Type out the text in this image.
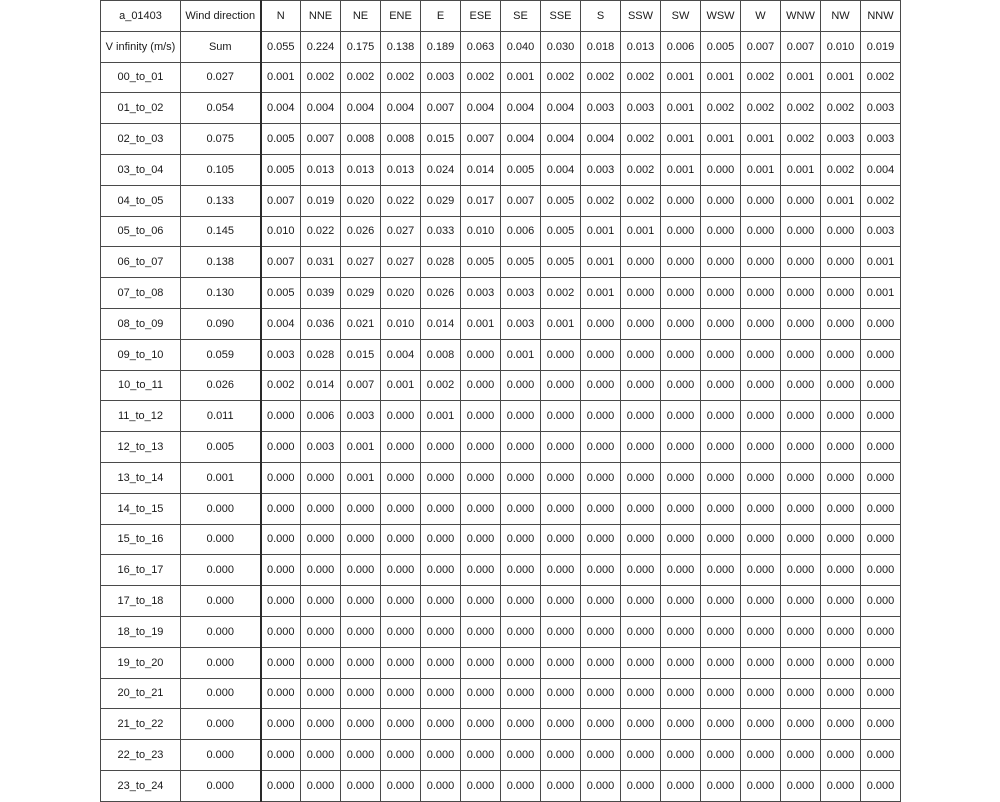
a_01403	Wind direction	N	NNE	NE	ENE	E	ESE	SE	SSE	S	SSW	SW	WSW	W	WNW	NW	NNW
V infinity (m/s)	Sum	0.055	0.224	0.175	0.138	0.189	0.063	0.040	0.030	0.018	0.013	0.006	0.005	0.007	0.007	0.010	0.019
00_to_01	0.027	0.001	0.002	0.002	0.002	0.003	0.002	0.001	0.002	0.002	0.002	0.001	0.001	0.002	0.001	0.001	0.002
01_to_02	0.054	0.004	0.004	0.004	0.004	0.007	0.004	0.004	0.004	0.003	0.003	0.001	0.002	0.002	0.002	0.002	0.003
02_to_03	0.075	0.005	0.007	0.008	0.008	0.015	0.007	0.004	0.004	0.004	0.002	0.001	0.001	0.001	0.002	0.003	0.003
03_to_04	0.105	0.005	0.013	0.013	0.013	0.024	0.014	0.005	0.004	0.003	0.002	0.001	0.000	0.001	0.001	0.002	0.004
04_to_05	0.133	0.007	0.019	0.020	0.022	0.029	0.017	0.007	0.005	0.002	0.002	0.000	0.000	0.000	0.000	0.001	0.002
05_to_06	0.145	0.010	0.022	0.026	0.027	0.033	0.010	0.006	0.005	0.001	0.001	0.000	0.000	0.000	0.000	0.000	0.003
06_to_07	0.138	0.007	0.031	0.027	0.027	0.028	0.005	0.005	0.005	0.001	0.000	0.000	0.000	0.000	0.000	0.000	0.001
07_to_08	0.130	0.005	0.039	0.029	0.020	0.026	0.003	0.003	0.002	0.001	0.000	0.000	0.000	0.000	0.000	0.000	0.001
08_to_09	0.090	0.004	0.036	0.021	0.010	0.014	0.001	0.003	0.001	0.000	0.000	0.000	0.000	0.000	0.000	0.000	0.000
09_to_10	0.059	0.003	0.028	0.015	0.004	0.008	0.000	0.001	0.000	0.000	0.000	0.000	0.000	0.000	0.000	0.000	0.000
10_to_11	0.026	0.002	0.014	0.007	0.001	0.002	0.000	0.000	0.000	0.000	0.000	0.000	0.000	0.000	0.000	0.000	0.000
11_to_12	0.011	0.000	0.006	0.003	0.000	0.001	0.000	0.000	0.000	0.000	0.000	0.000	0.000	0.000	0.000	0.000	0.000
12_to_13	0.005	0.000	0.003	0.001	0.000	0.000	0.000	0.000	0.000	0.000	0.000	0.000	0.000	0.000	0.000	0.000	0.000
13_to_14	0.001	0.000	0.000	0.001	0.000	0.000	0.000	0.000	0.000	0.000	0.000	0.000	0.000	0.000	0.000	0.000	0.000
14_to_15	0.000	0.000	0.000	0.000	0.000	0.000	0.000	0.000	0.000	0.000	0.000	0.000	0.000	0.000	0.000	0.000	0.000
15_to_16	0.000	0.000	0.000	0.000	0.000	0.000	0.000	0.000	0.000	0.000	0.000	0.000	0.000	0.000	0.000	0.000	0.000
16_to_17	0.000	0.000	0.000	0.000	0.000	0.000	0.000	0.000	0.000	0.000	0.000	0.000	0.000	0.000	0.000	0.000	0.000
17_to_18	0.000	0.000	0.000	0.000	0.000	0.000	0.000	0.000	0.000	0.000	0.000	0.000	0.000	0.000	0.000	0.000	0.000
18_to_19	0.000	0.000	0.000	0.000	0.000	0.000	0.000	0.000	0.000	0.000	0.000	0.000	0.000	0.000	0.000	0.000	0.000
19_to_20	0.000	0.000	0.000	0.000	0.000	0.000	0.000	0.000	0.000	0.000	0.000	0.000	0.000	0.000	0.000	0.000	0.000
20_to_21	0.000	0.000	0.000	0.000	0.000	0.000	0.000	0.000	0.000	0.000	0.000	0.000	0.000	0.000	0.000	0.000	0.000
21_to_22	0.000	0.000	0.000	0.000	0.000	0.000	0.000	0.000	0.000	0.000	0.000	0.000	0.000	0.000	0.000	0.000	0.000
22_to_23	0.000	0.000	0.000	0.000	0.000	0.000	0.000	0.000	0.000	0.000	0.000	0.000	0.000	0.000	0.000	0.000	0.000
23_to_24	0.000	0.000	0.000	0.000	0.000	0.000	0.000	0.000	0.000	0.000	0.000	0.000	0.000	0.000	0.000	0.000	0.000
